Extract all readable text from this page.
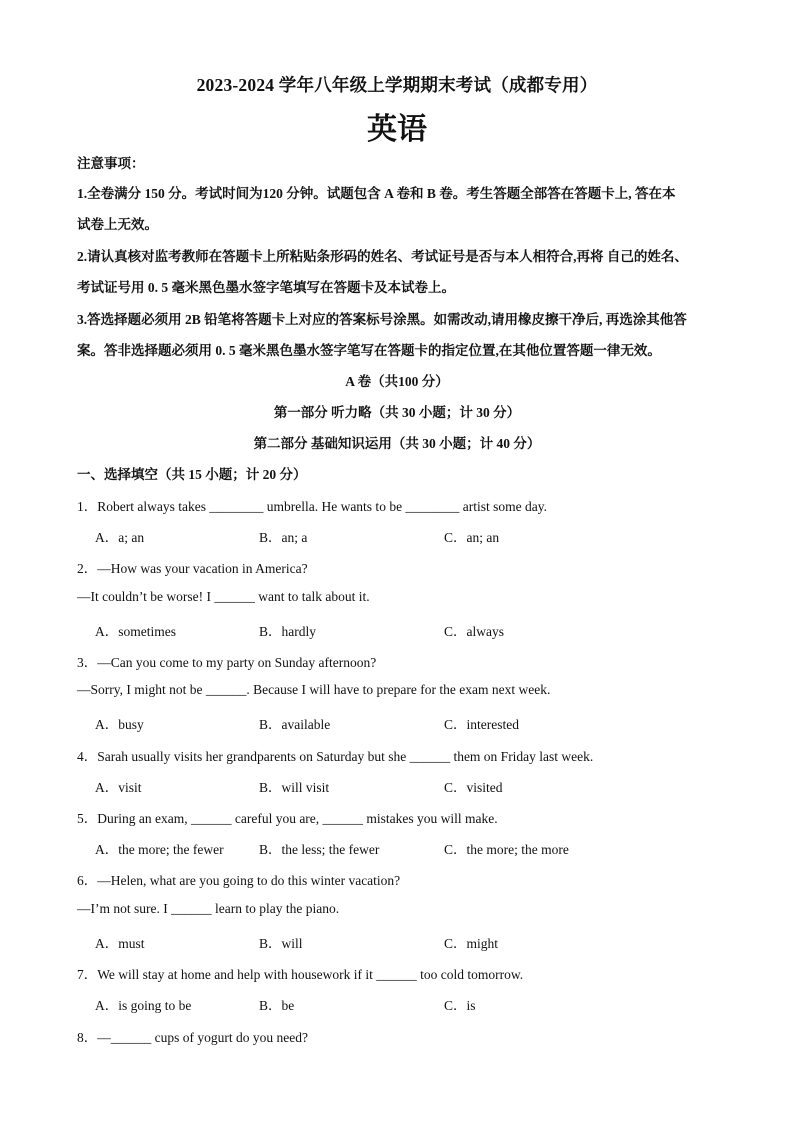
2023-2024 学年八年级上学期期末考试（成都专用）
英语
注意事项：
1.全卷满分 150 分。考试时间为120 分钟。试题包含 A 卷和 B 卷。考生答题全部答在答题卡上, 答在本
试卷上无效。
2.请认真核对监考教师在答题卡上所粘贴条形码的姓名、考试证号是否与本人相符合,再将 自己的姓名、
考试证号用 0. 5 毫米黑色墨水签字笔填写在答题卡及本试卷上。
3.答选择题必须用 2B 铅笔将答题卡上对应的答案标号涂黑。如需改动,请用橡皮擦干净后, 再选涂其他答
案。答非选择题必须用 0. 5 毫米黑色墨水签字笔写在答题卡的指定位置,在其他位置答题一律无效。
A 卷（共100 分）
第一部分 听力略（共 30 小题；计 30 分）
第二部分 基础知识运用（共 30 小题；计 40 分）
一、选择填空（共 15 小题；计 20 分）
1．Robert always takes ________ umbrella. He wants to be ________ artist some day.
A．a; an	B．an; a	C．an; an
2．—How was your vacation in America?
—It couldn’t be worse! I ______ want to talk about it.
A．sometimes	B．hardly	C．always
3．—Can you come to my party on Sunday afternoon?
—Sorry, I might not be ______. Because I will have to prepare for the exam next week.
A．busy	B．available	C．interested
4．Sarah usually visits her grandparents on Saturday but she ______ them on Friday last week.
A．visit	B．will visit	C．visited
5．During an exam, ______ careful you are, ______ mistakes you will make.
A．the more; the fewer	B．the less; the fewer	C．the more; the more
6．—Helen, what are you going to do this winter vacation?
—I’m not sure. I ______ learn to play the piano.
A．must	B．will	C．might
7．We will stay at home and help with housework if it ______ too cold tomorrow.
A．is going to be	B．be	C．is
8．—______ cups of yogurt do you need?
